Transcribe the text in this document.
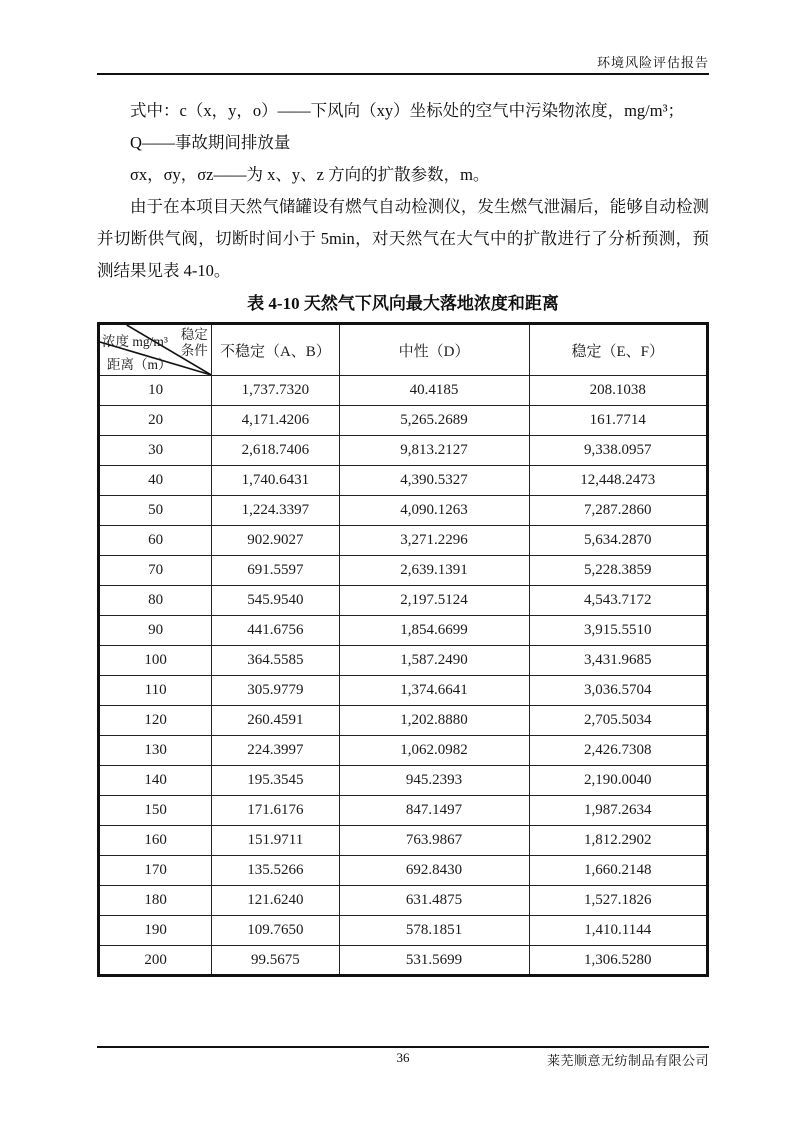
环境风险评估报告

式中：c（x，y，o）——下风向（xy）坐标处的空气中污染物浓度，mg/m³；

Q——事故期间排放量

σx，σy，σz——为 x、y、z 方向的扩散参数，m。

由于在本项目天然气储罐设有燃气自动检测仪，发生燃气泄漏后，能够自动检测并切断供气阀，切断时间小于 5min，对天然气在大气中的扩散进行了分析预测，预测结果见表 4-10。

表 4-10 天然气下风向最大落地浓度和距离
浓度 mg/m³ 稳定条件
距离（m）	不稳定（A、B）	中性（D）	稳定（E、F）
10	1,737.7320	40.4185	208.1038
20	4,171.4206	5,265.2689	161.7714
30	2,618.7406	9,813.2127	9,338.0957
40	1,740.6431	4,390.5327	12,448.2473
50	1,224.3397	4,090.1263	7,287.2860
60	902.9027	3,271.2296	5,634.2870
70	691.5597	2,639.1391	5,228.3859
80	545.9540	2,197.5124	4,543.7172
90	441.6756	1,854.6699	3,915.5510
100	364.5585	1,587.2490	3,431.9685
110	305.9779	1,374.6641	3,036.5704
120	260.4591	1,202.8880	2,705.5034
130	224.3997	1,062.0982	2,426.7308
140	195.3545	945.2393	2,190.0040
150	171.6176	847.1497	1,987.2634
160	151.9711	763.9867	1,812.2902
170	135.5266	692.8430	1,660.2148
180	121.6240	631.4875	1,527.1826
190	109.7650	578.1851	1,410.1144
200	99.5675	531.5699	1,306.5280
36	莱芜顺意无纺制品有限公司
